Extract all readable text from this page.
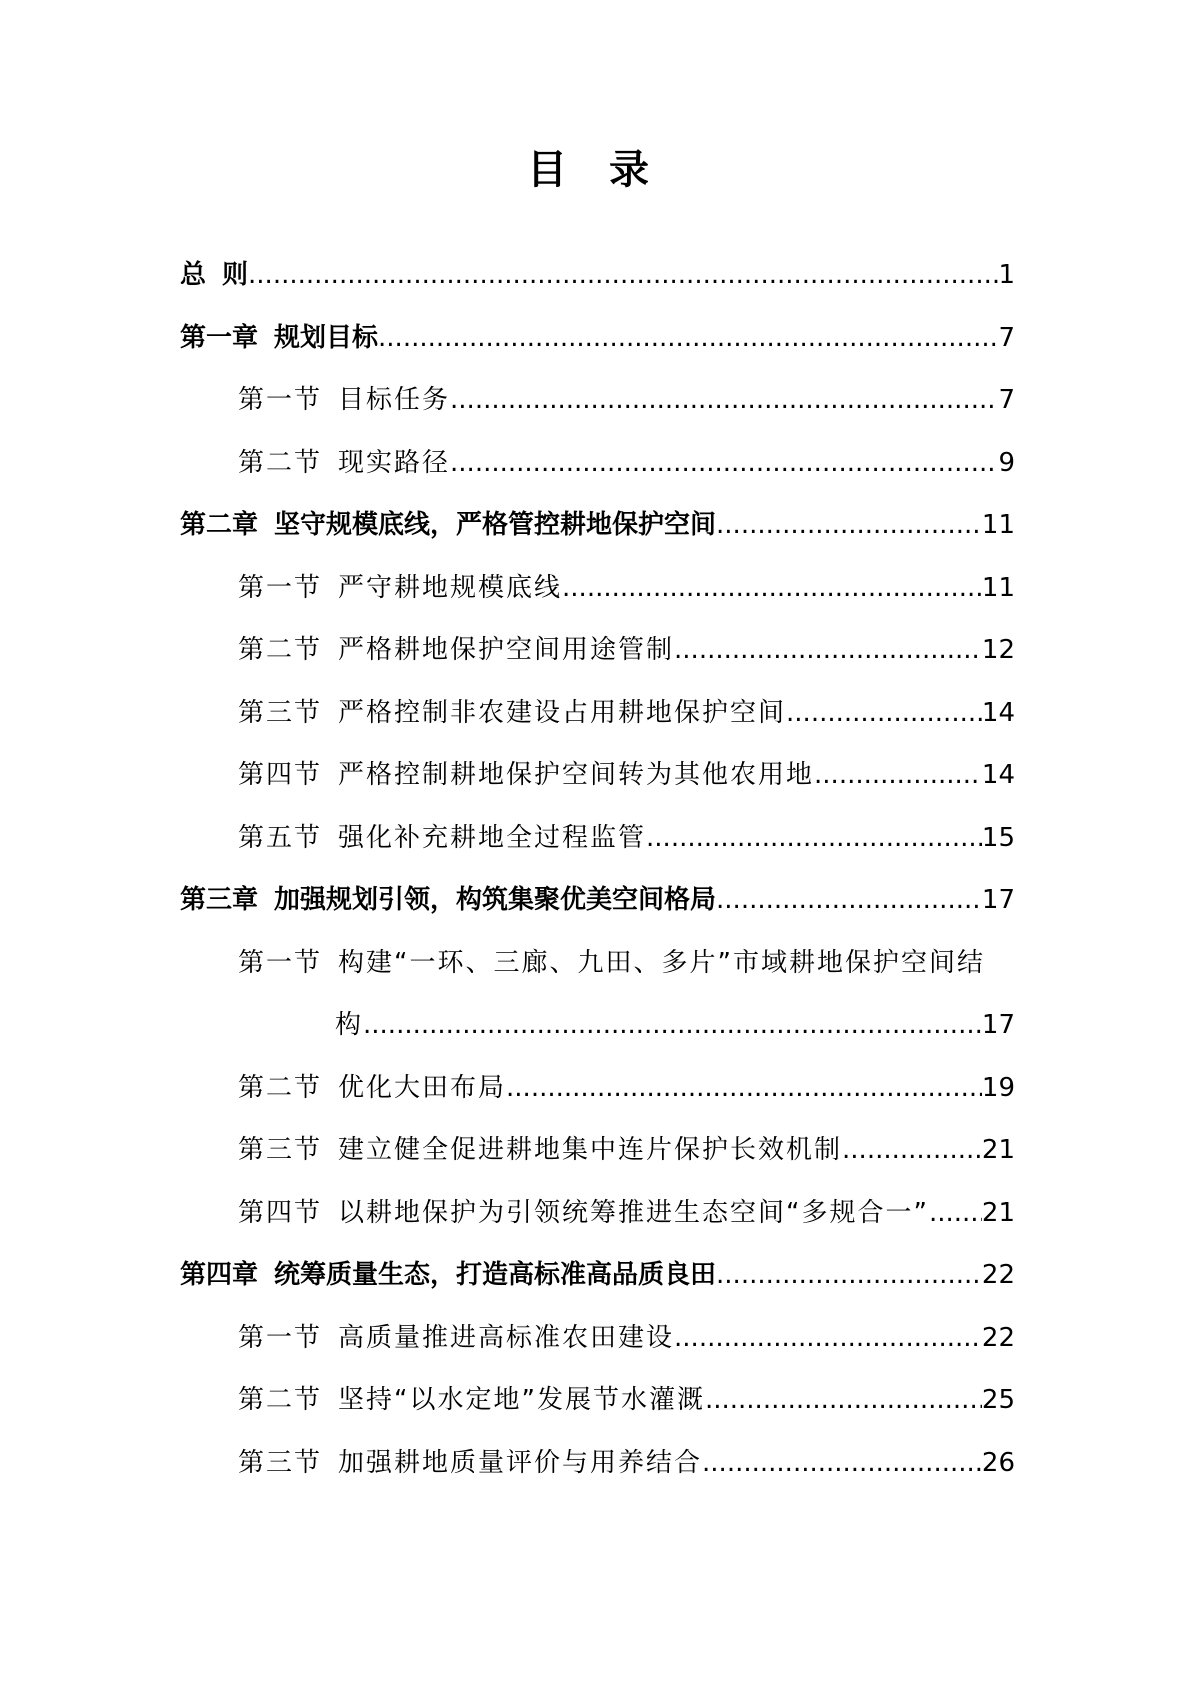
目 录
总 则 .....	1
第一章 规划目标 .....	7
第一节 目标任务 .....	7
第二节 现实路径 .....	9
第二章 坚守规模底线，严格管控耕地保护空间 .....	11
第一节 严守耕地规模底线 .....	11
第二节 严格耕地保护空间用途管制 .....	12
第三节 严格控制非农建设占用耕地保护空间 .....	14
第四节 严格控制耕地保护空间转为其他农用地 .....	14
第五节 强化补充耕地全过程监管 .....	15
第三章 加强规划引领，构筑集聚优美空间格局 .....	17
第一节 构建“一环、三廊、九田、多片”市域耕地保护空间结
构 .....	17
第二节 优化大田布局 .....	19
第三节 建立健全促进耕地集中连片保护长效机制 .....	21
第四节 以耕地保护为引领统筹推进生态空间“多规合一” ..... 21
第四章 统筹质量生态，打造高标准高品质良田 .....	22
第一节 高质量推进高标准农田建设 .....	22
第二节 坚持“以水定地”发展节水灌溉 .....	25
第三节 加强耕地质量评价与用养结合 .....	26
